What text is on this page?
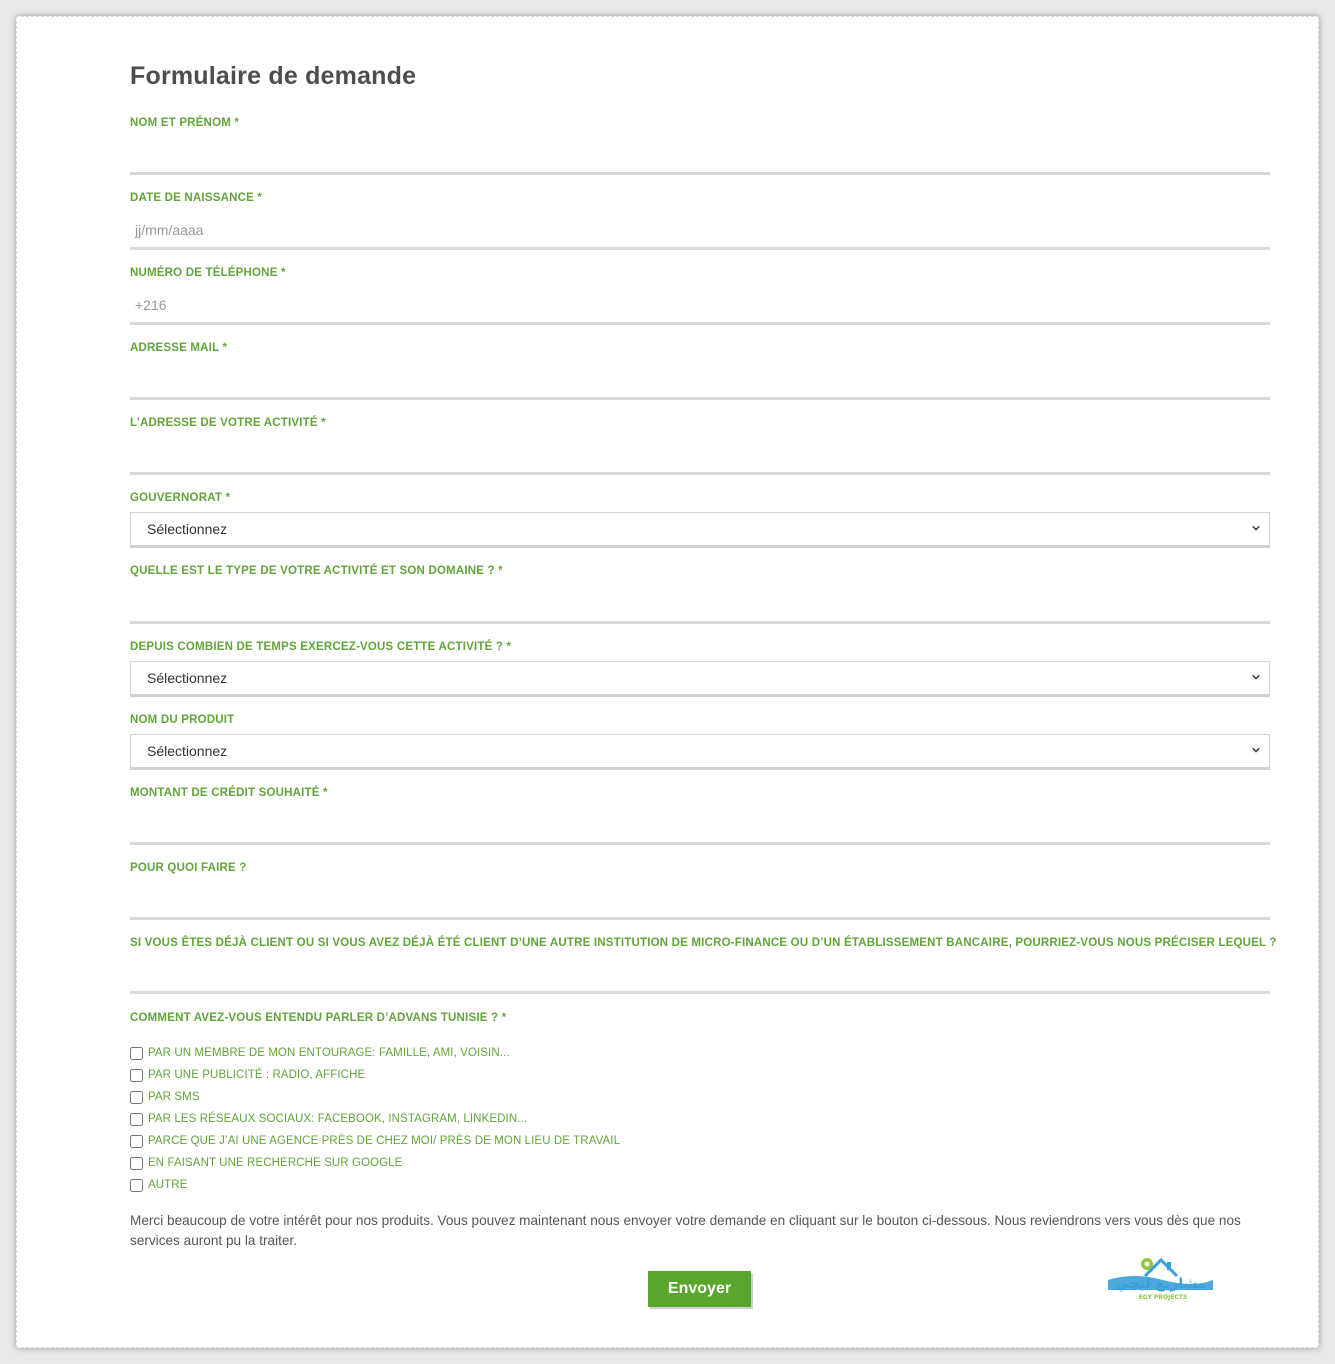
Formulaire de demande
NOM ET PRÉNOM *
DATE DE NAISSANCE *
jj/mm/aaaa
NUMÉRO DE TÉLÉPHONE *
+216
ADRESSE MAIL *
L’ADRESSE DE VOTRE ACTIVITÉ *
GOUVERNORAT *
Sélectionnez
QUELLE EST LE TYPE DE VOTRE ACTIVITÉ ET SON DOMAINE ? *
DEPUIS COMBIEN DE TEMPS EXERCEZ-VOUS CETTE ACTIVITÉ ? *
Sélectionnez
NOM DU PRODUIT
Sélectionnez
MONTANT DE CRÉDIT SOUHAITÉ *
POUR QUOI FAIRE ?
SI VOUS ÊTES DÉJÀ CLIENT OU SI VOUS AVEZ DÉJÀ ÉTÉ CLIENT D’UNE AUTRE INSTITUTION DE MICRO-FINANCE OU D’UN ÉTABLISSEMENT BANCAIRE, POURRIEZ-VOUS NOUS PRÉCISER LEQUEL ?
COMMENT AVEZ-VOUS ENTENDU PARLER D’ADVANS TUNISIE ? *
PAR UN MEMBRE DE MON ENTOURAGE: FAMILLE, AMI, VOISIN...
PAR UNE PUBLICITÉ : RADIO, AFFICHE
PAR SMS
PAR LES RÉSEAUX SOCIAUX: FACEBOOK, INSTAGRAM, LINKEDIN...
PARCE QUE J’AI UNE AGENCE PRÈS DE CHEZ MOI/ PRÈS DE MON LIEU DE TRAVAIL
EN FAISANT UNE RECHERCHE SUR GOOGLE
AUTRE

Merci beaucoup de votre intérêt pour nos produits. Vous pouvez maintenant nous envoyer votre demande en cliquant sur le bouton ci-dessous. Nous reviendrons vers vous dès que nos services auront pu la traiter.

Envoyer	مشاريع ليجي
EGY PROJECTS
